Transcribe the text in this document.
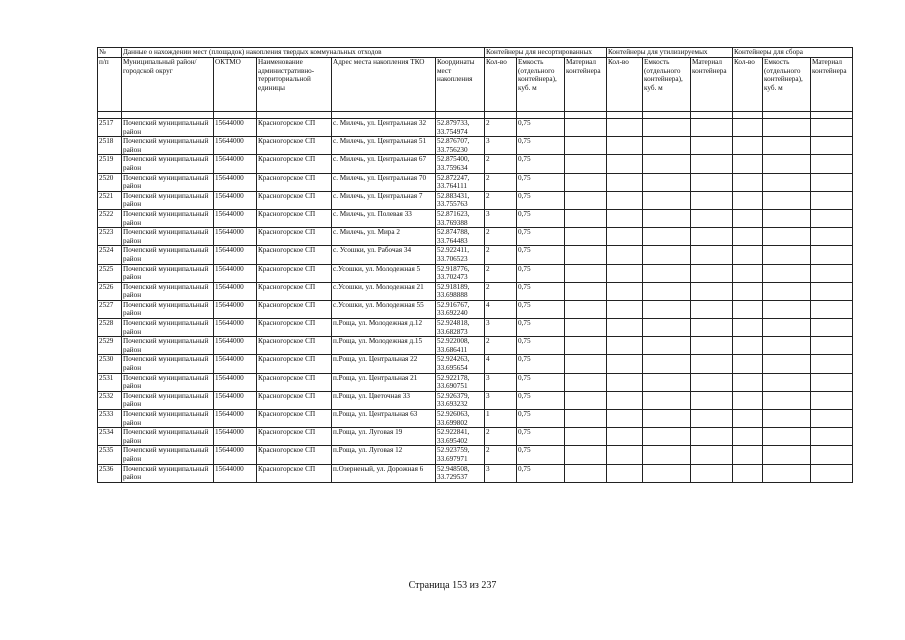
№	Данные о нахождении мест (площадок) накопления твердых коммунальных отходов					Контейнеры для несортированных			Контейнеры для утилизируемых			Контейнеры для сбора		
п/п	Муниципальный район/городской округ	ОКТМО	Наименование административно-территориальной единицы	Адрес места накопления ТКО	Координаты мест накопления	Кол-во	Емкость (отдельного контейнера), куб. м	Материал контейнера	Кол-во	Емкость (отдельного контейнера), куб. м	Материал контейнера	Кол-во	Емкость (отдельного контейнера), куб. м	Материал контейнера

2517	Почепский муниципальный район	15644000	Красногорское СП	с. Милечь, ул. Центральная 32	52.879733, 33.754974	2	0,75							
2518	Почепский муниципальный район	15644000	Красногорское СП	с. Милечь, ул. Центральная 51	52.876707, 33.756230	3	0,75							
2519	Почепский муниципальный район	15644000	Красногорское СП	с. Милечь, ул. Центральная 67	52.875400, 33.759634	2	0,75							
2520	Почепский муниципальный район	15644000	Красногорское СП	с. Милечь, ул. Центральная 70	52.872247, 33.764111	2	0,75							
2521	Почепский муниципальный район	15644000	Красногорское СП	с. Милечь, ул. Центральная 7	52.883431, 33.755763	2	0,75							
2522	Почепский муниципальный район	15644000	Красногорское СП	с. Милечь, ул. Полевая 33	52.871623, 33.769388	3	0,75							
2523	Почепский муниципальный район	15644000	Красногорское СП	с. Милечь, ул. Мира 2	52.874788, 33.764483	2	0,75							
2524	Почепский муниципальный район	15644000	Красногорское СП	с. Усошки, ул. Рабочая 34	52.922411, 33.706523	2	0,75							
2525	Почепский муниципальный район	15644000	Красногорское СП	с.Усошки, ул. Молодежная 5	52.918776, 33.702473	2	0,75							
2526	Почепский муниципальный район	15644000	Красногорское СП	с.Усошки, ул. Молодежная 21	52.918189, 33.698888	2	0,75							
2527	Почепский муниципальный район	15644000	Красногорское СП	с.Усошки, ул. Молодежная 55	52.916767, 33.692240	4	0,75							
2528	Почепский муниципальный район	15644000	Красногорское СП	п.Роща, ул. Молодежная д.12	52.924818, 33.682873	3	0,75							
2529	Почепский муниципальный район	15644000	Красногорское СП	п.Роща, ул. Молодежная д.15	52.922008, 33.686411	2	0,75							
2530	Почепский муниципальный район	15644000	Красногорское СП	п.Роща, ул. Центральная 22	52.924263, 33.695654	4	0,75							
2531	Почепский муниципальный район	15644000	Красногорское СП	п.Роща, ул. Центральная 21	52.922178, 33.690751	3	0,75							
2532	Почепский муниципальный район	15644000	Красногорское СП	п.Роща, ул. Цветочная 33	52.926379, 33.693232	3	0,75							
2533	Почепский муниципальный район	15644000	Красногорское СП	п.Роща, ул. Центральная 63	52.926063, 33.699802	1	0,75							
2534	Почепский муниципальный район	15644000	Красногорское СП	п.Роща, ул. Луговая 19	52.922841, 33.695402	2	0,75							
2535	Почепский муниципальный район	15644000	Красногорское СП	п.Роща, ул. Луговая 12	52.923759, 33.697971	2	0,75							
2536	Почепский муниципальный район	15644000	Красногорское СП	п.Озерненый, ул. Дорожная 6	52.948508, 33.729537	3	0,75							
Страница 153 из 237
